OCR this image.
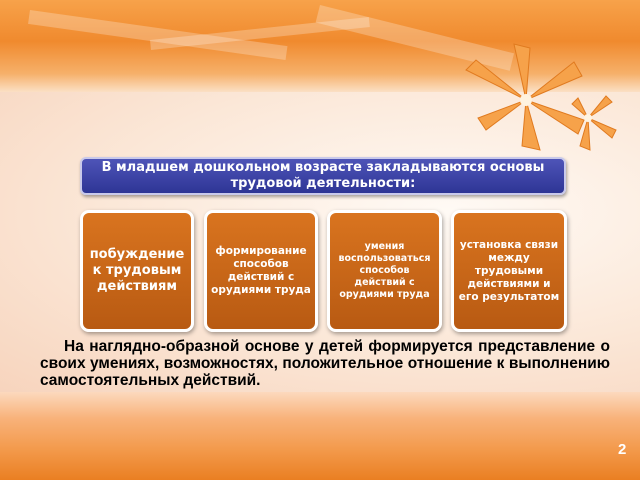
В младшем дошкольном возрасте закладываются основы трудовой деятельности:
побуждение к трудовым действиям
формирование способов действий с орудиями труда
умения воспользоваться способов действий с орудиями труда
установка связи между трудовыми действиями и его результатом

На наглядно-образной основе у детей формируется представление о своих умениях, возможностях, положительное отношение к выполнению самостоятельных действий.

2
